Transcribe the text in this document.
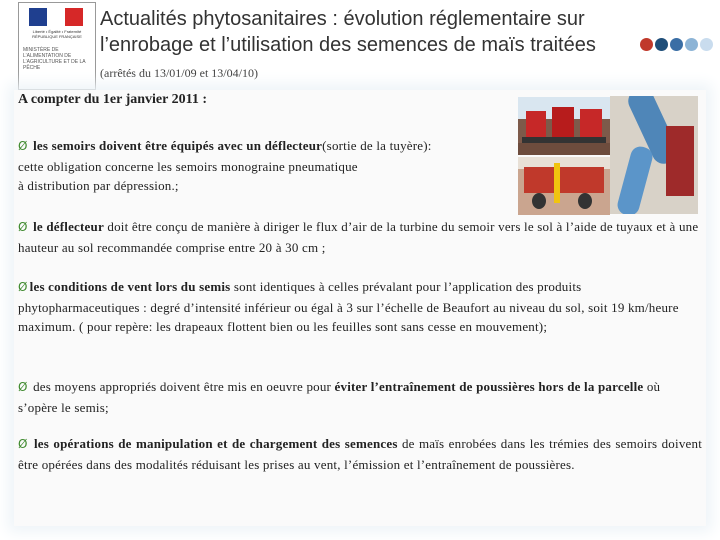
Liberté • Égalité • Fraternité RÉPUBLIQUE FRANÇAISE
MINISTÈRE DE L’ALIMENTATION DE L’AGRICULTURE ET DE LA PÊCHE
Actualités phytosanitaires : évolution réglementaire sur l’enrobage et l’utilisation des semences de maïs traitées (arrêtés du 13/01/09 et 13/04/10)
A compter du 1er janvier 2011 :
Ø les semoirs doivent être équipés avec un déflecteur(sortie de la tuyère):
cette obligation concerne les semoirs monograine pneumatique
à distribution par dépression.;
Ø le déflecteur doit être conçu de manière à diriger le flux d’air de la turbine du semoir vers le sol à l’aide de tuyaux et à une hauteur au sol recommandée comprise entre 20 à 30 cm ;
Ø les conditions de vent lors du semis sont identiques à celles prévalant pour l’application des produits phytopharmaceutiques : degré d’intensité inférieur ou égal à 3 sur l’échelle de Beaufort au niveau du sol, soit 19 km/heure maximum. ( pour repère: les drapeaux flottent bien ou les feuilles sont sans cesse en mouvement);
Ø des moyens appropriés doivent être mis en oeuvre pour éviter l’entraînement de poussières hors de la parcelle où s’opère le semis;
Ø les opérations de manipulation et de chargement des semences de maïs enrobées dans les trémies des semoirs doivent être opérées dans des modalités réduisant les prises au vent, l’émission et l’entraînement de poussières.
